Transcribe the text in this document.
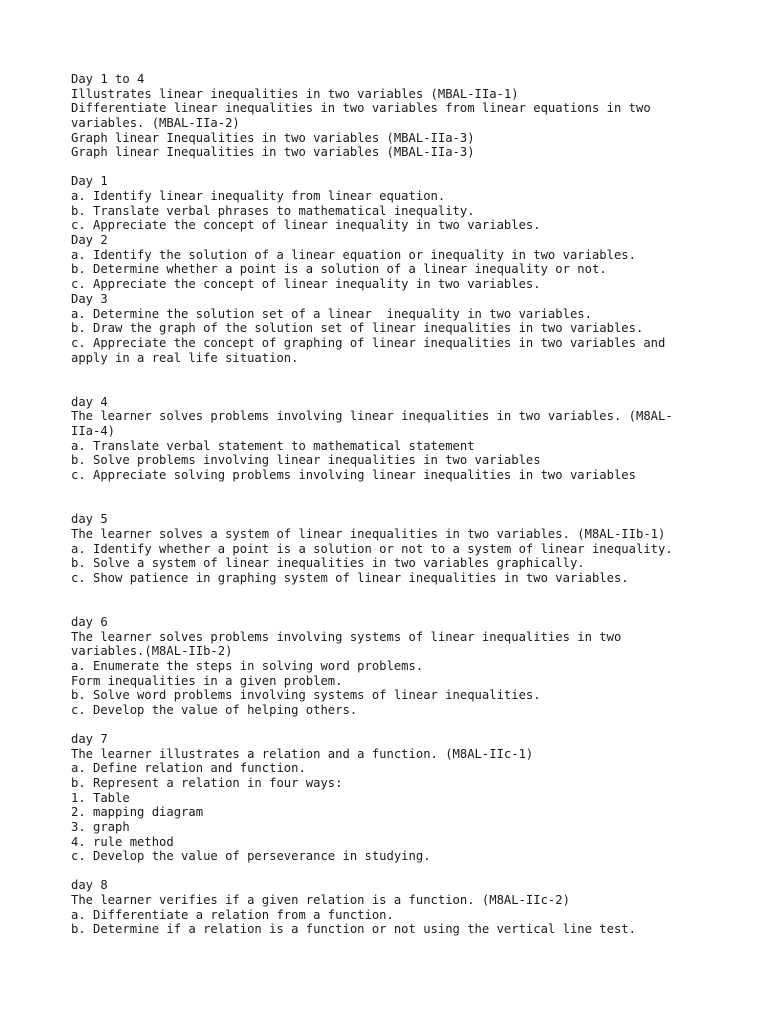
Day 1 to 4
Illustrates linear inequalities in two variables (MBAL-IIa-1)
Differentiate linear inequalities in two variables from linear equations in two
variables. (MBAL-IIa-2)
Graph linear Inequalities in two variables (MBAL-IIa-3)
Graph linear Inequalities in two variables (MBAL-IIa-3)
Day 1
a. Identify linear inequality from linear equation.
b. Translate verbal phrases to mathematical inequality.
c. Appreciate the concept of linear inequality in two variables.
Day 2
a. Identify the solution of a linear equation or inequality in two variables.
b. Determine whether a point is a solution of a linear inequality or not.
c. Appreciate the concept of linear inequality in two variables.
Day 3
a. Determine the solution set of a linear  inequality in two variables.
b. Draw the graph of the solution set of linear inequalities in two variables.
c. Appreciate the concept of graphing of linear inequalities in two variables and
apply in a real life situation.
day 4
The learner solves problems involving linear inequalities in two variables. (M8AL-
IIa-4)
a. Translate verbal statement to mathematical statement
b. Solve problems involving linear inequalities in two variables
c. Appreciate solving problems involving linear inequalities in two variables
day 5
The learner solves a system of linear inequalities in two variables. (M8AL-IIb-1)
a. Identify whether a point is a solution or not to a system of linear inequality.
b. Solve a system of linear inequalities in two variables graphically.
c. Show patience in graphing system of linear inequalities in two variables.
day 6
The learner solves problems involving systems of linear inequalities in two
variables.(M8AL-IIb-2)
a. Enumerate the steps in solving word problems.
Form inequalities in a given problem.
b. Solve word problems involving systems of linear inequalities.
c. Develop the value of helping others.
day 7
The learner illustrates a relation and a function. (M8AL-IIc-1)
a. Define relation and function.
b. Represent a relation in four ways:
1. Table
2. mapping diagram
3. graph
4. rule method
c. Develop the value of perseverance in studying.
day 8
The learner verifies if a given relation is a function. (M8AL-IIc-2)
a. Differentiate a relation from a function.
b. Determine if a relation is a function or not using the vertical line test.
